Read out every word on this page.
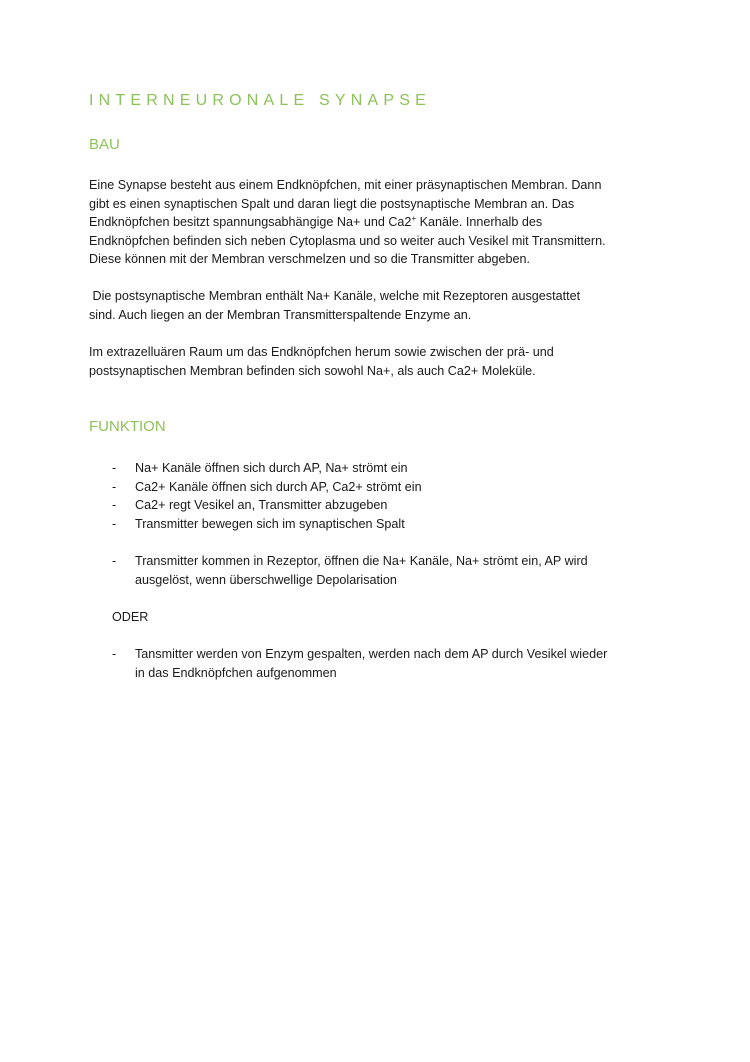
INTERNEURONALE SYNAPSE
BAU

Eine Synapse besteht aus einem Endknöpfchen, mit einer präsynaptischen Membran. Dann
gibt es einen synaptischen Spalt und daran liegt die postsynaptische Membran an. Das
Endknöpfchen besitzt spannungsabhängige Na+ und Ca2+ Kanäle. Innerhalb des
Endknöpfchen befinden sich neben Cytoplasma und so weiter auch Vesikel mit Transmittern.
Diese können mit der Membran verschmelzen und so die Transmitter abgeben.

Die postsynaptische Membran enthält Na+ Kanäle, welche mit Rezeptoren ausgestattet
sind. Auch liegen an der Membran Transmitterspaltende Enzyme an.

Im extrazelluären Raum um das Endknöpfchen herum sowie zwischen der prä- und
postsynaptischen Membran befinden sich sowohl Na+, als auch Ca2+ Moleküle.

FUNKTION
- Na+ Kanäle öffnen sich durch AP, Na+ strömt ein
- Ca2+ Kanäle öffnen sich durch AP, Ca2+ strömt ein
- Ca2+ regt Vesikel an, Transmitter abzugeben
- Transmitter bewegen sich im synaptischen Spalt
- Transmitter kommen in Rezeptor, öffnen die Na+ Kanäle, Na+ strömt ein, AP wird
ausgelöst, wenn überschwellige Depolarisation

ODER

- Tansmitter werden von Enzym gespalten, werden nach dem AP durch Vesikel wieder
in das Endknöpfchen aufgenommen
